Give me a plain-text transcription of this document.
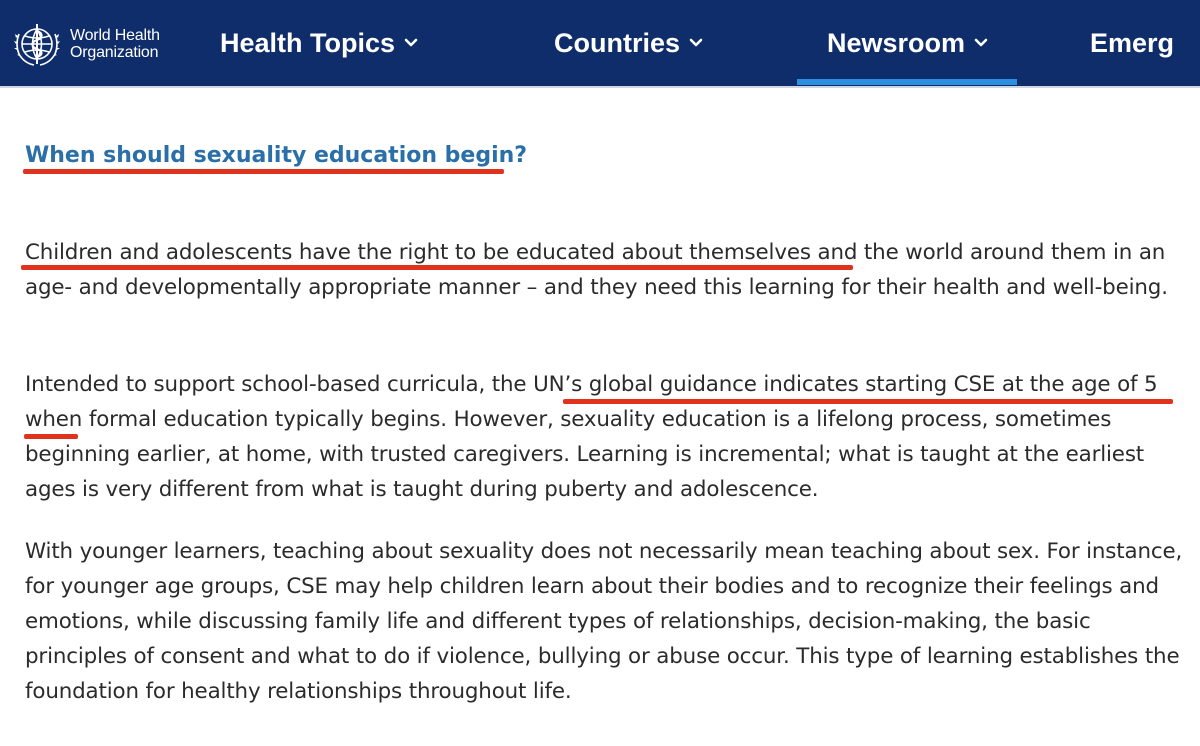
World Health
Organization Health Topics	Countries	Newsroom	Emerg
When should sexuality education begin?

Children and adolescents have the right to be educated about themselves and the world around them in an age- and developmentally appropriate manner – and they need this learning for their health and well-being.

Intended to support school-based curricula, the UN’s global guidance indicates starting CSE at the age of 5 when formal education typically begins. However, sexuality education is a lifelong process, sometimes beginning earlier, at home, with trusted caregivers. Learning is incremental; what is taught at the earliest ages is very different from what is taught during puberty and adolescence.

With younger learners, teaching about sexuality does not necessarily mean teaching about sex. For instance, for younger age groups, CSE may help children learn about their bodies and to recognize their feelings and emotions, while discussing family life and different types of relationships, decision-making, the basic principles of consent and what to do if violence, bullying or abuse occur. This type of learning establishes the foundation for healthy relationships throughout life.
